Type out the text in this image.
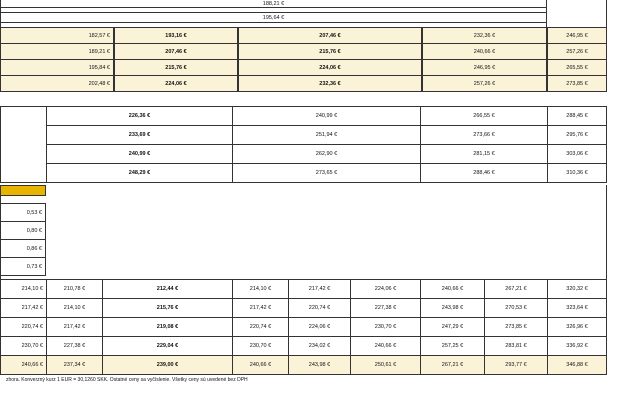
188,21 €
195,64 €
182,57 €	193,16 €	207,46 €	232,36 €	246,95 €
189,21 €	207,46 €	215,76 €	240,66 €	257,26 €
195,84 €	215,76 €	224,06 €	246,95 €	265,55 €
202,48 €	224,06 €	232,36 €	257,26 €	273,85 €
226,36 €	240,99 €	266,55 €	288,45 €
233,69 €	251,94 €	273,66 €	295,76 €
240,99 €	262,90 €	281,15 €	303,06 €
248,29 €	273,65 €	288,46 €	310,36 €
0,53 €
0,80 €
0,86 €
0,73 €
214,10 €	210,78 €	212,44 €	214,10 €	217,42 €	224,06 €	240,66 €	267,21 €	320,32 €
217,42 €	214,10 €	215,76 €	217,42 €	220,74 €	227,38 €	243,98 €	270,53 €	323,64 €
220,74 €	217,42 €	219,08 €	220,74 €	224,06 €	230,70 €	247,29 €	273,85 €	326,96 €
230,70 €	227,38 €	229,04 €	230,70 €	234,02 €	240,66 €	257,25 €	283,81 €	336,92 €
240,66 €	237,34 €	239,00 €	240,66 €	243,98 €	250,61 €	267,21 €	293,77 €	346,88 €
zhora. Konverzný kurz 1 EUR = 30,1260 SKK. Ostatné ceny sa vyčíslenie. Všetky ceny sú uvedené bez DPH
